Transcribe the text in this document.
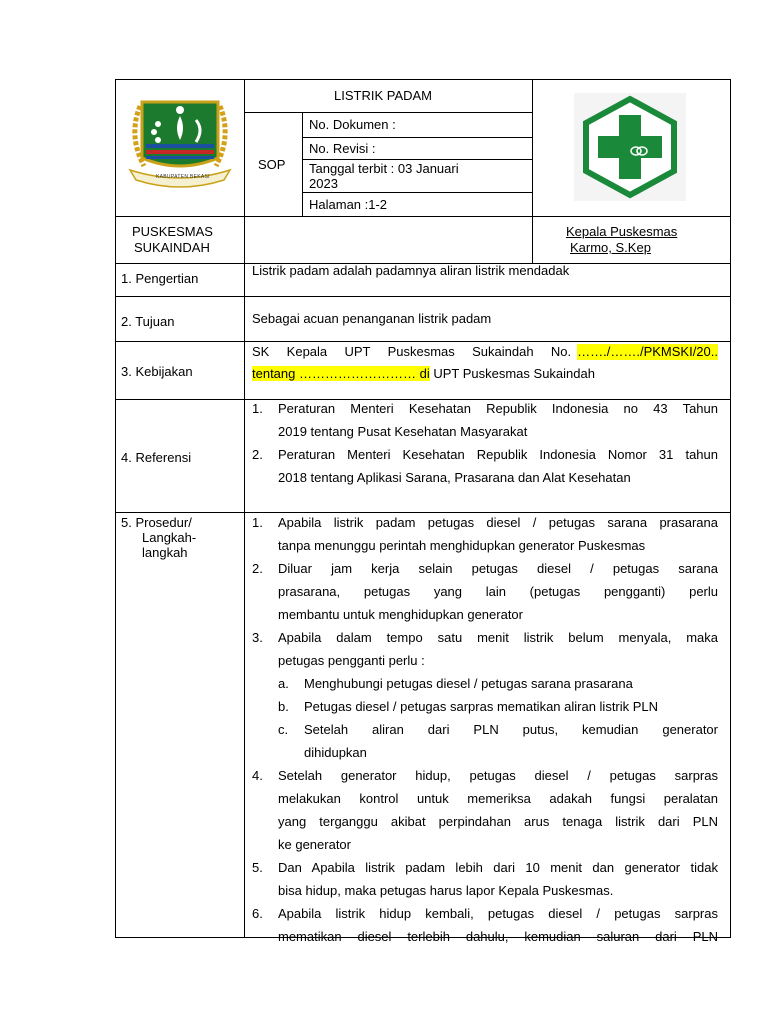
KABUPATEN BEKASI
LISTRIK PADAM
SOP
No. Dokumen :
No. Revisi :
Tanggal terbit : 03 Januari
2023
Halaman :1-2
PUSKESMAS
SUKAINDAH
Kepala Puskesmas
Karmo, S.Kep
1. Pengertian
Listrik padam adalah padamnya aliran listrik mendadak
2. Tujuan	Sebagai acuan penanganan listrik padam
3. Kebijakan
SK Kepala UPT Puskesmas Sukaindah No. ……./……./PKMSKI/20..
tentang ……………………… di UPT Puskesmas Sukaindah
4. Referensi
1. Peraturan Menteri Kesehatan Republik Indonesia no 43 Tahun
2019 tentang Pusat Kesehatan Masyarakat
2. Peraturan Menteri Kesehatan Republik Indonesia Nomor 31 tahun
2018 tentang Aplikasi Sarana, Prasarana dan Alat Kesehatan
5. Prosedur/
Langkah-
langkah
1. Apabila listrik padam petugas diesel / petugas sarana prasarana
tanpa menunggu perintah menghidupkan generator Puskesmas
2. Diluar jam kerja selain petugas diesel / petugas sarana
prasarana, petugas yang lain (petugas pengganti) perlu
membantu untuk menghidupkan generator
3. Apabila dalam tempo satu menit listrik belum menyala, maka
petugas pengganti perlu :
a. Menghubungi petugas diesel / petugas sarana prasarana
b. Petugas diesel / petugas sarpras mematikan aliran listrik PLN
c. Setelah aliran dari PLN putus, kemudian generator
dihidupkan
4. Setelah generator hidup, petugas diesel / petugas sarpras
melakukan kontrol untuk memeriksa adakah fungsi peralatan
yang terganggu akibat perpindahan arus tenaga listrik dari PLN
ke generator
5. Dan Apabila listrik padam lebih dari 10 menit dan generator tidak
bisa hidup, maka petugas harus lapor Kepala Puskesmas.
6. Apabila listrik hidup kembali, petugas diesel / petugas sarpras
mematikan diesel terlebih dahulu, kemudian saluran dari PLN
